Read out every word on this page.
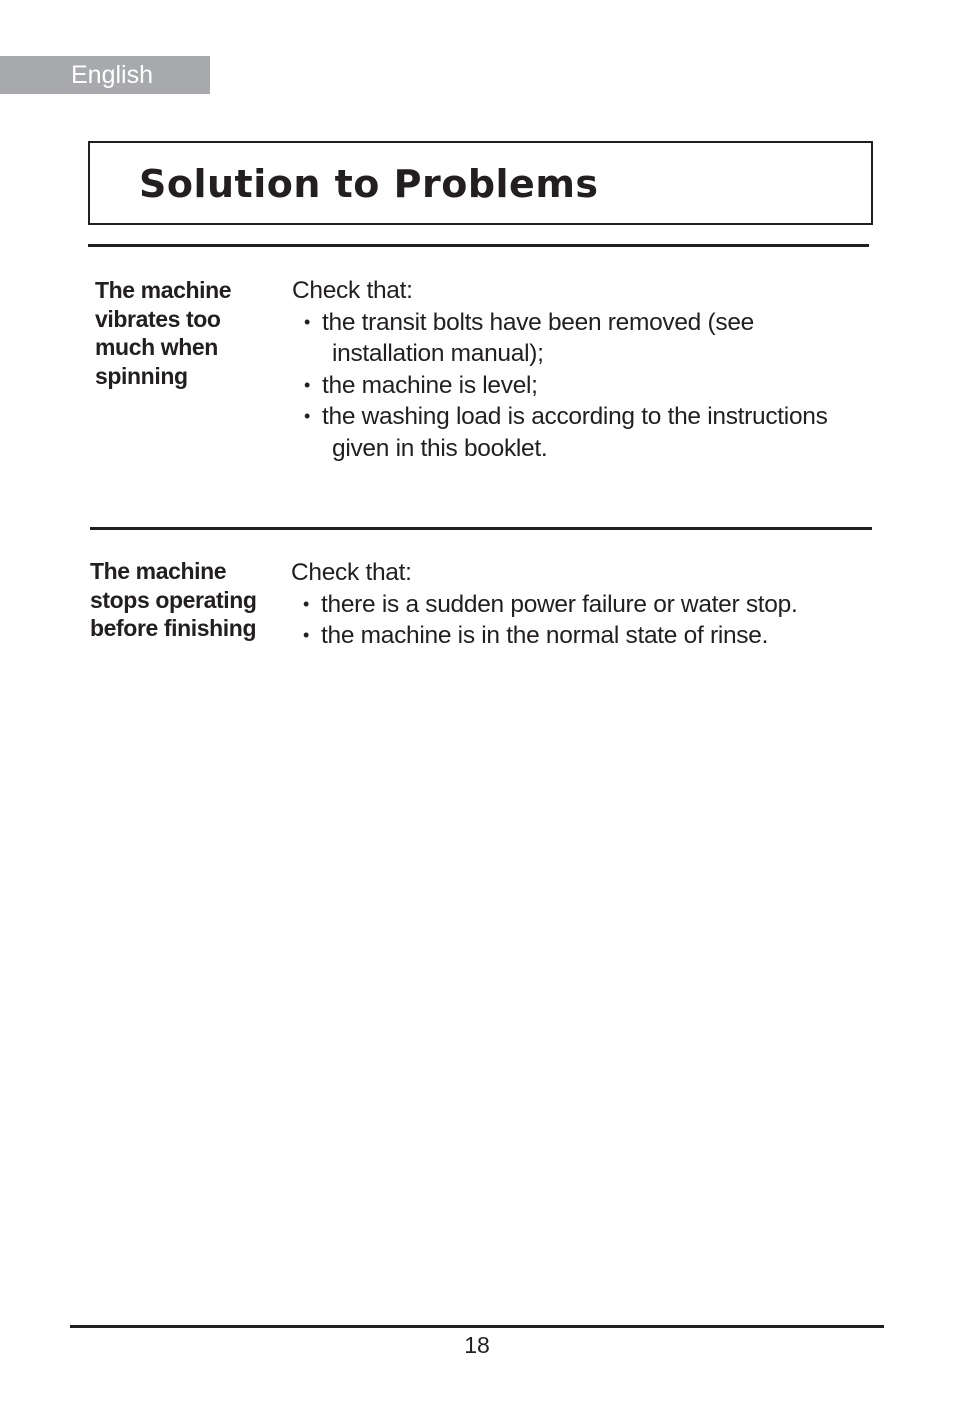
English
Solution to Problems
The machine
vibrates too
much when
spinning
Check that:
• the transit bolts have been removed (see
installation manual);
• the machine is level;
• the washing load is according to the instructions
given in this booklet.
The machine
stops operating
before finishing
Check that:
• there is a sudden power failure or water stop.
• the machine is in the normal state of rinse.
18
